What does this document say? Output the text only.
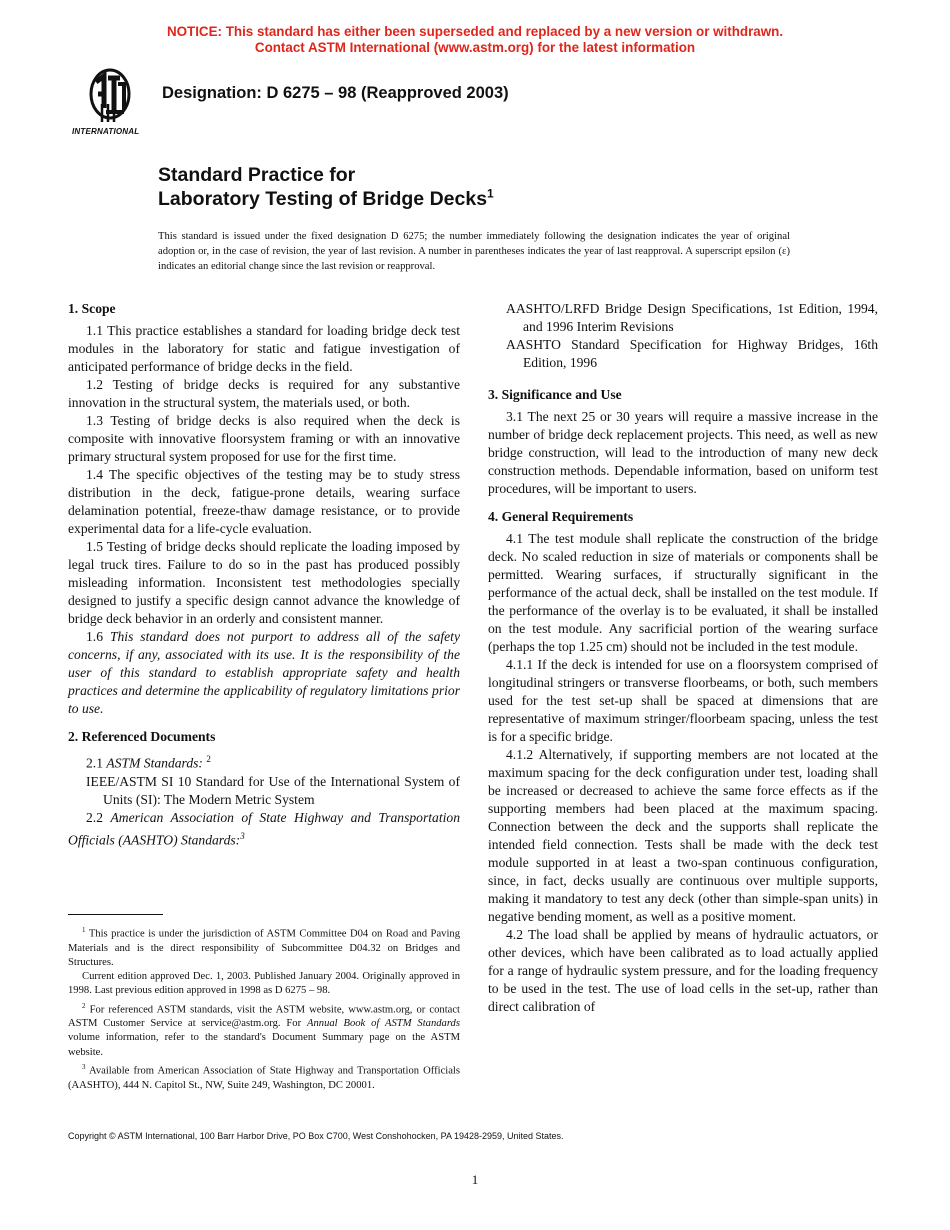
NOTICE: This standard has either been superseded and replaced by a new version or withdrawn.
Contact ASTM International (www.astm.org) for the latest information
INTERNATIONAL
Designation: D 6275 – 98 (Reapproved 2003)
Standard Practice for
Laboratory Testing of Bridge Decks$^1$
This standard is issued under the fixed designation D 6275; the number immediately following the designation indicates the year of original adoption or, in the case of revision, the year of last revision. A number in parentheses indicates the year of last reapproval. A superscript epsilon (ε) indicates an editorial change since the last revision or reapproval.
1. Scope

1.1 This practice establishes a standard for loading bridge deck test modules in the laboratory for static and fatigue investigation of anticipated performance of bridge decks in the field.

1.2 Testing of bridge decks is required for any substantive innovation in the structural system, the materials used, or both.

1.3 Testing of bridge decks is also required when the deck is composite with innovative floorsystem framing or with an innovative primary structural system proposed for use for the first time.

1.4 The specific objectives of the testing may be to study stress distribution in the deck, fatigue-prone details, wearing surface delamination potential, freeze-thaw damage resistance, or to provide experimental data for a life-cycle evaluation.

1.5 Testing of bridge decks should replicate the loading imposed by legal truck tires. Failure to do so in the past has produced possibly misleading information. Inconsistent test methodologies specially designed to justify a specific design cannot advance the knowledge of bridge deck behavior in an orderly and consistent manner.

1.6 This standard does not purport to address all of the safety concerns, if any, associated with its use. It is the responsibility of the user of this standard to establish appropriate safety and health practices and determine the applicability of regulatory limitations prior to use.

2. Referenced Documents

2.1 ASTM Standards: $^2$

IEEE/ASTM SI 10 Standard for Use of the International System of Units (SI): The Modern Metric System

2.2 American Association of State Highway and Transportation Officials (AASHTO) Standards:$^3$

AASHTO/LRFD Bridge Design Specifications, 1st Edition, 1994, and 1996 Interim Revisions

AASHTO Standard Specification for Highway Bridges, 16th Edition, 1996

3. Significance and Use

3.1 The next 25 or 30 years will require a massive increase in the number of bridge deck replacement projects. This need, as well as new bridge construction, will lead to the introduction of many new deck construction methods. Dependable information, based on uniform test procedures, will be important to users.

4. General Requirements

4.1 The test module shall replicate the construction of the bridge deck. No scaled reduction in size of materials or components shall be permitted. Wearing surfaces, if structurally significant in the performance of the actual deck, shall be installed on the test module. If the performance of the overlay is to be evaluated, it shall be installed on the test module. Any sacrificial portion of the wearing surface (perhaps the top 1.25 cm) should not be included in the test module.

4.1.1 If the deck is intended for use on a floorsystem comprised of longitudinal stringers or transverse floorbeams, or both, such members used for the test set-up shall be spaced at dimensions that are representative of maximum stringer/floorbeam spacing, unless the test is for a specific bridge.

4.1.2 Alternatively, if supporting members are not located at the maximum spacing for the deck configuration under test, loading shall be increased or decreased to achieve the same force effects as if the supporting members had been placed at the maximum spacing. Connection between the deck and the supports shall replicate the intended field connection. Tests shall be made with the deck test module supported in at least a two-span continuous configuration, since, in fact, decks usually are continuous over multiple supports, making it mandatory to test any deck (other than simple-span units) in negative bending moment, as well as a positive moment.

4.2 The load shall be applied by means of hydraulic actuators, or other devices, which have been calibrated as to load actually applied for a range of hydraulic system pressure, and for the loading frequency to be used in the test. The use of load cells in the set-up, rather than direct calibration of

$^1$ This practice is under the jurisdiction of ASTM Committee D04 on Road and Paving Materials and is the direct responsibility of Subcommittee D04.32 on Bridges and Structures.

Current edition approved Dec. 1, 2003. Published January 2004. Originally approved in 1998. Last previous edition approved in 1998 as D 6275 – 98.

$^2$ For referenced ASTM standards, visit the ASTM website, www.astm.org, or contact ASTM Customer Service at service@astm.org. For Annual Book of ASTM Standards volume information, refer to the standard's Document Summary page on the ASTM website.

$^3$ Available from American Association of State Highway and Transportation Officials (AASHTO), 444 N. Capitol St., NW, Suite 249, Washington, DC 20001.

Copyright © ASTM International, 100 Barr Harbor Drive, PO Box C700, West Conshohocken, PA 19428-2959, United States.
1
